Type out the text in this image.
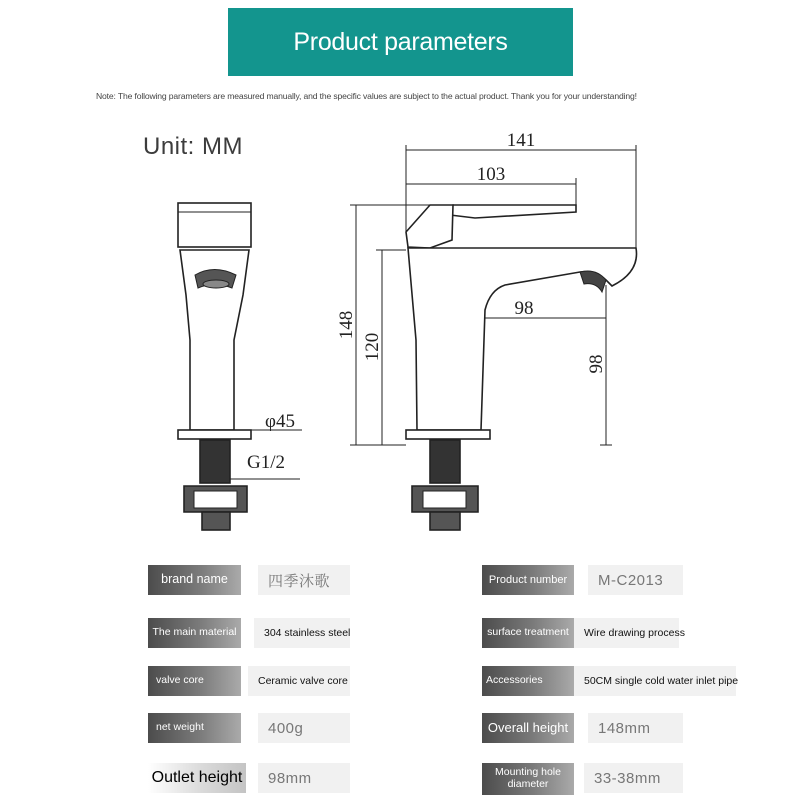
Product parameters
Note: The following parameters are measured manually, and the specific values are subject to the actual product. Thank you for your understanding!
Unit: MM	141
103
98
148
120
98
φ45
G1/2
brand name	四季沐歌	Product number	M-C2013
The main material	304 stainless steel	surface treatment	Wire drawing process
valve core	Ceramic valve core	Accessories	50CM single cold water inlet pipe
net weight	400g	Overall height	148mm
Outlet height	98mm	Mounting hole diameter	33-38mm
